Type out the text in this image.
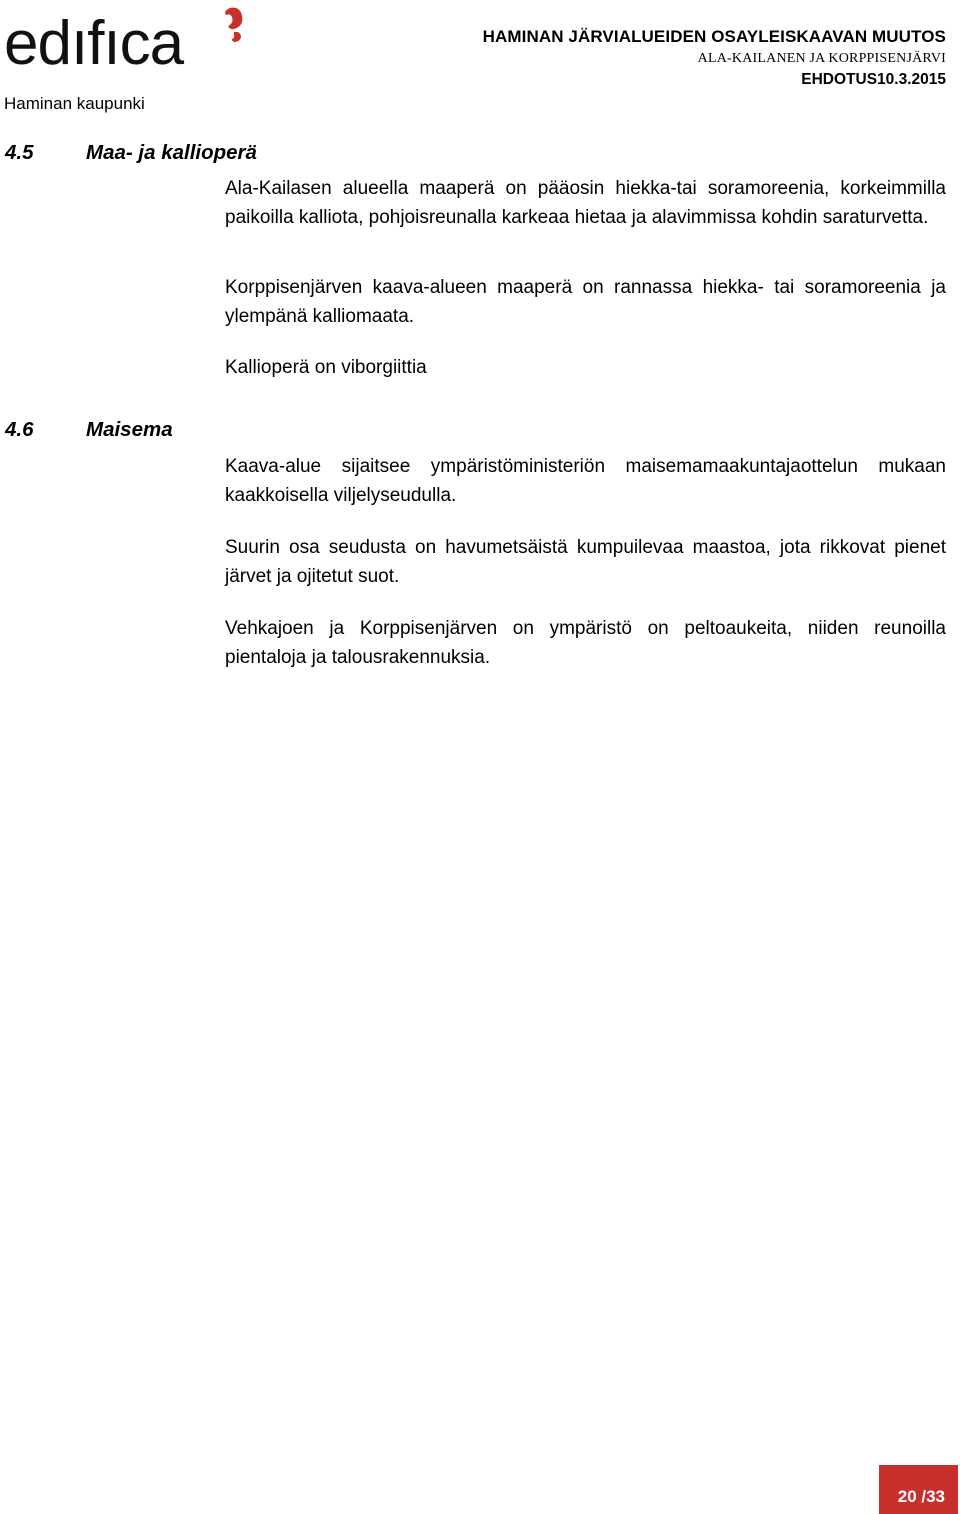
edıfıca
Haminan kaupunki
HAMINAN JÄRVIALUEIDEN OSAYLEISKAAVAN MUUTOS
ALA-KAILANEN JA KORPPISENJÄRVI
EHDOTUS10.3.2015
4.5	Maa- ja kallioperä
Ala-Kailasen alueella maaperä on pääosin hiekka-tai soramoreenia, korkeimmilla paikoilla kalliota, pohjoisreunalla karkeaa hietaa ja alavimmissa kohdin saraturvetta.
Korppisenjärven kaava-alueen maaperä on rannassa hiekka- tai soramoreenia ja ylempänä kalliomaata.
Kallioperä on viborgiittia
4.6	Maisema
Kaava-alue sijaitsee ympäristöministeriön maisemamaakuntajaottelun mukaan kaakkoisella viljelyseudulla.
Suurin osa seudusta on havumetsäistä kumpuilevaa maastoa, jota rikkovat pienet järvet ja ojitetut suot.
Vehkajoen ja Korppisenjärven on ympäristö on peltoaukeita, niiden reunoilla pientaloja ja talousrakennuksia.
20 /33
